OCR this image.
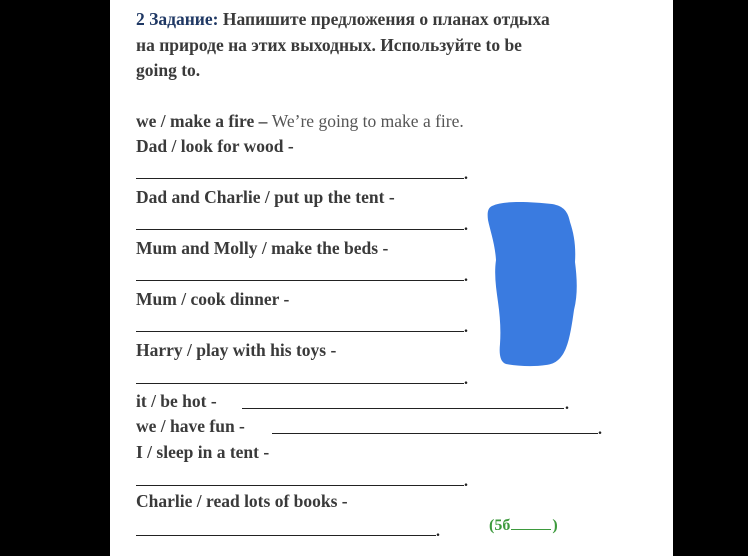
2 Задание: Напишите предложения о планах отдыха
на природе на этих выходных. Используйте to be
going to.
we / make a fire – We’re going to make a fire.
Dad / look for wood -
.
Dad and Charlie / put up the tent -
.
Mum and Molly / make the beds -
.
Mum / cook dinner -
.
Harry / play with his toys -
.
it / be hot -	.
we / have fun -	.
I / sleep in a tent -
.
Charlie / read lots of books -
.	(5б	)
